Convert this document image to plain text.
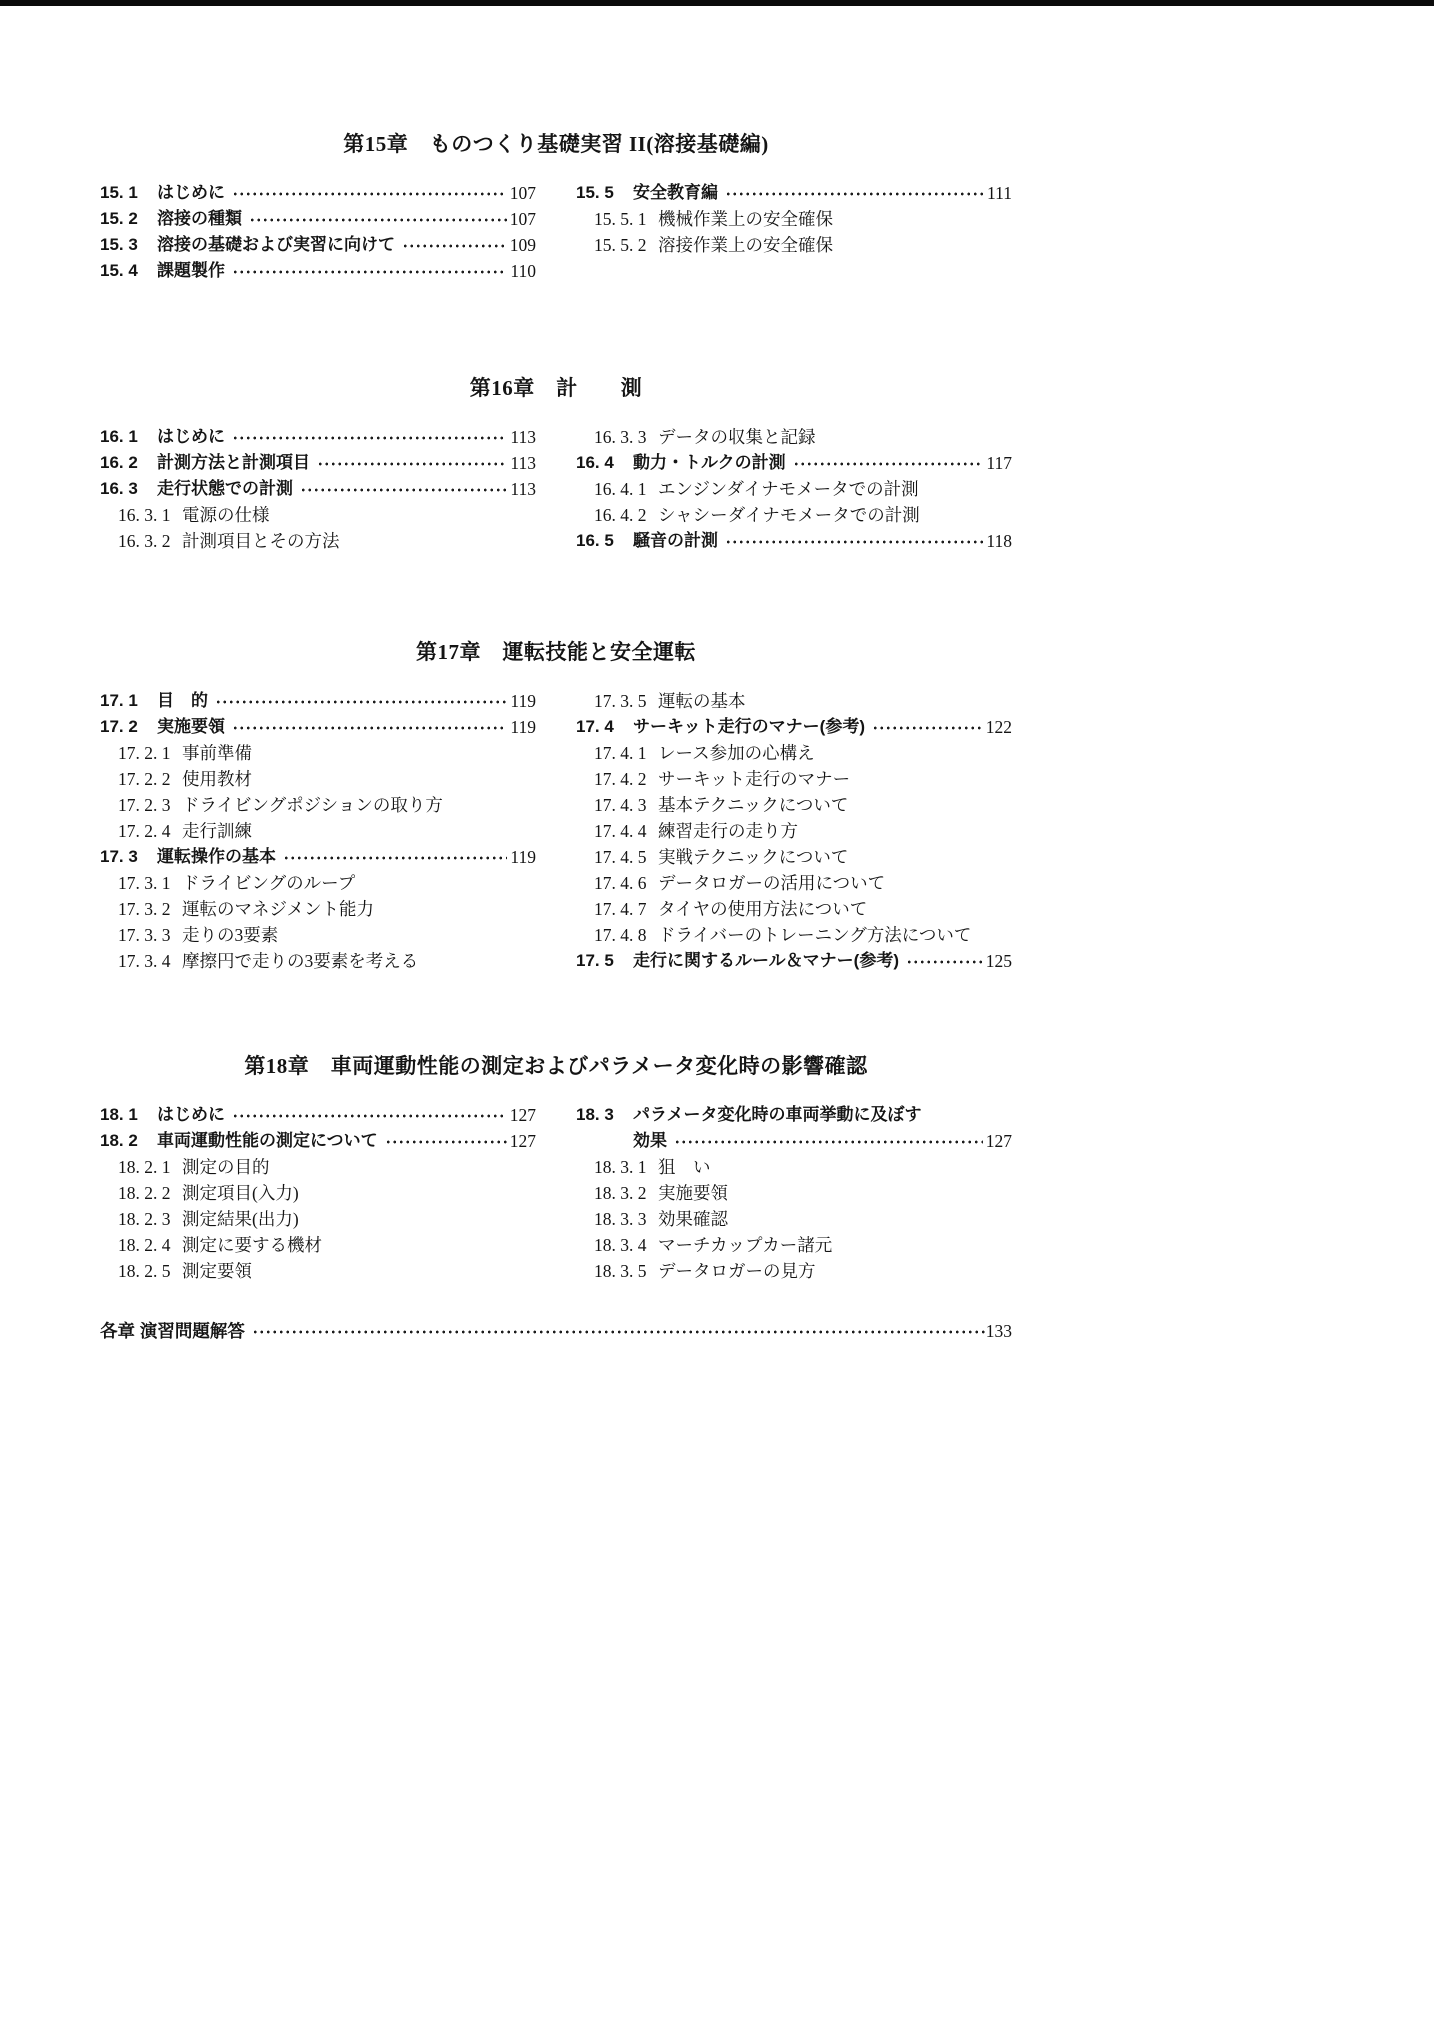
第15章　ものつくり基礎実習 II(溶接基礎編)
15. 1	はじめに	107
15. 2	溶接の種類	107
15. 3	溶接の基礎および実習に向けて	109
15. 4	課題製作	110
15. 5	安全教育編	111
15. 5. 1 機械作業上の安全確保
15. 5. 2 溶接作業上の安全確保
第16章　計　　測
16. 1	はじめに	113
16. 2	計測方法と計測項目	113
16. 3	走行状態での計測	113
16. 3. 1 電源の仕様
16. 3. 2 計測項目とその方法
16. 3. 3 データの収集と記録
16. 4	動力・トルクの計測	117
16. 4. 1 エンジンダイナモメータでの計測
16. 4. 2 シャシーダイナモメータでの計測
16. 5	騒音の計測	118
第17章　運転技能と安全運転
17. 1	目　的	119
17. 2	実施要領	119
17. 2. 1 事前準備
17. 2. 2 使用教材
17. 2. 3 ドライビングポジションの取り方
17. 2. 4 走行訓練
17. 3	運転操作の基本	119
17. 3. 1 ドライビングのループ
17. 3. 2 運転のマネジメント能力
17. 3. 3 走りの3要素
17. 3. 4 摩擦円で走りの3要素を考える
17. 3. 5 運転の基本
17. 4	サーキット走行のマナー(参考)	122
17. 4. 1 レース参加の心構え
17. 4. 2 サーキット走行のマナー
17. 4. 3 基本テクニックについて
17. 4. 4 練習走行の走り方
17. 4. 5 実戦テクニックについて
17. 4. 6 データロガーの活用について
17. 4. 7 タイヤの使用方法について
17. 4. 8 ドライバーのトレーニング方法について
17. 5	走行に関するルール＆マナー(参考)	125
第18章　車両運動性能の測定およびパラメータ変化時の影響確認
18. 1	はじめに	127
18. 2	車両運動性能の測定について	127
18. 2. 1 測定の目的
18. 2. 2 測定項目(入力)
18. 2. 3 測定結果(出力)
18. 2. 4 測定に要する機材
18. 2. 5 測定要領
18. 3	パラメータ変化時の車両挙動に及ぼす
効果	127
18. 3. 1 狙　い
18. 3. 2 実施要領
18. 3. 3 効果確認
18. 3. 4 マーチカップカー諸元
18. 3. 5 データロガーの見方
各章 演習問題解答	133
